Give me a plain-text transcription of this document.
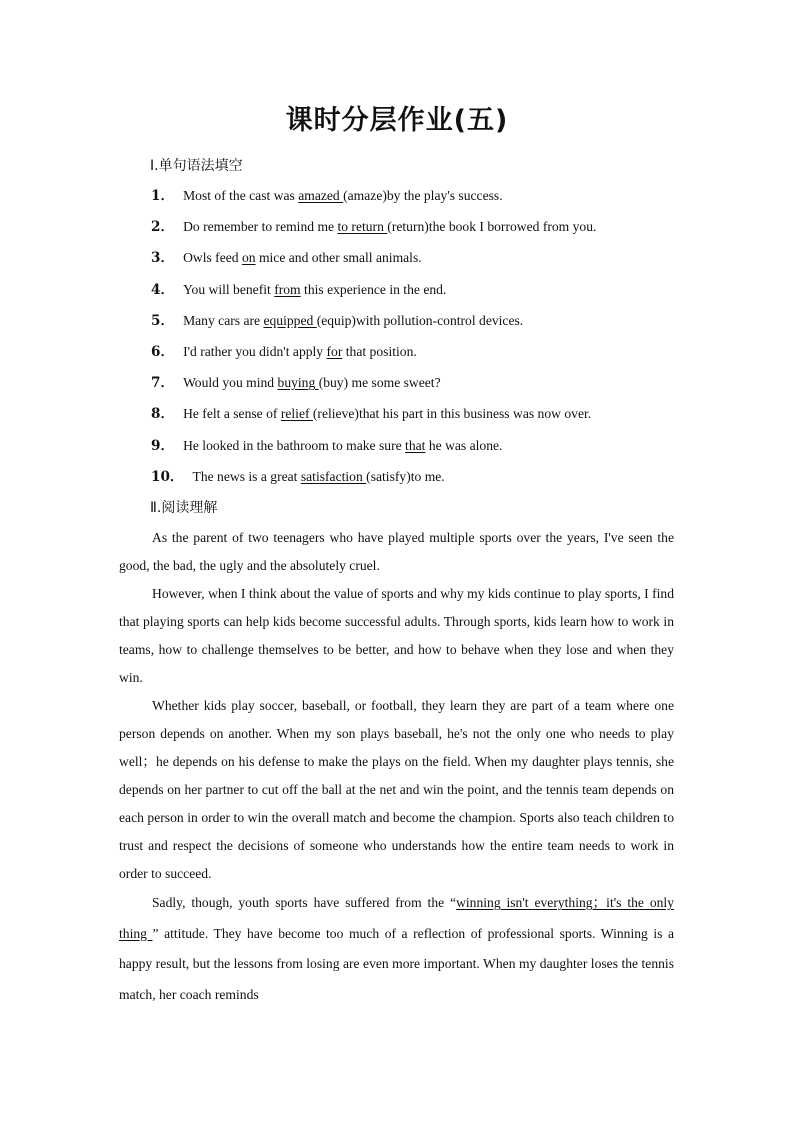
课时分层作业(五)
Ⅰ.单句语法填空
1． Most of the cast was amazed (amaze)by the play's success.
2． Do remember to remind me to return (return)the book I borrowed from you.
3． Owls feed on mice and other small animals.
4． You will benefit from this experience in the end.
5． Many cars are equipped (equip)with pollution-control devices.
6． I'd rather you didn't apply for that position.
7． Would you mind buying (buy) me some sweet?
8． He felt a sense of relief (relieve)that his part in this business was now over.
9． He looked in the bathroom to make sure that he was alone.
10． The news is a great satisfaction (satisfy)to me.
Ⅱ.阅读理解

As the parent of two teenagers who have played multiple sports over the years, I've seen the good, the bad, the ugly and the absolutely cruel.

However, when I think about the value of sports and why my kids continue to play sports, I find that playing sports can help kids become successful adults. Through sports, kids learn how to work in teams, how to challenge themselves to be better, and how to behave when they lose and when they win.

Whether kids play soccer, baseball, or football, they learn they are part of a team where one person depends on another. When my son plays baseball, he's not the only one who needs to play well；he depends on his defense to make the plays on the field. When my daughter plays tennis, she depends on her partner to cut off the ball at the net and win the point, and the tennis team depends on each person in order to win the overall match and become the champion. Sports also teach children to trust and respect the decisions of someone who understands how the entire team needs to work in order to succeed.

Sadly, though, youth sports have suffered from the “winning isn't everything；it's the only thing ” attitude. They have become too much of a reflection of professional sports. Winning is a happy result, but the lessons from losing are even more important. When my daughter loses the tennis match, her coach reminds
